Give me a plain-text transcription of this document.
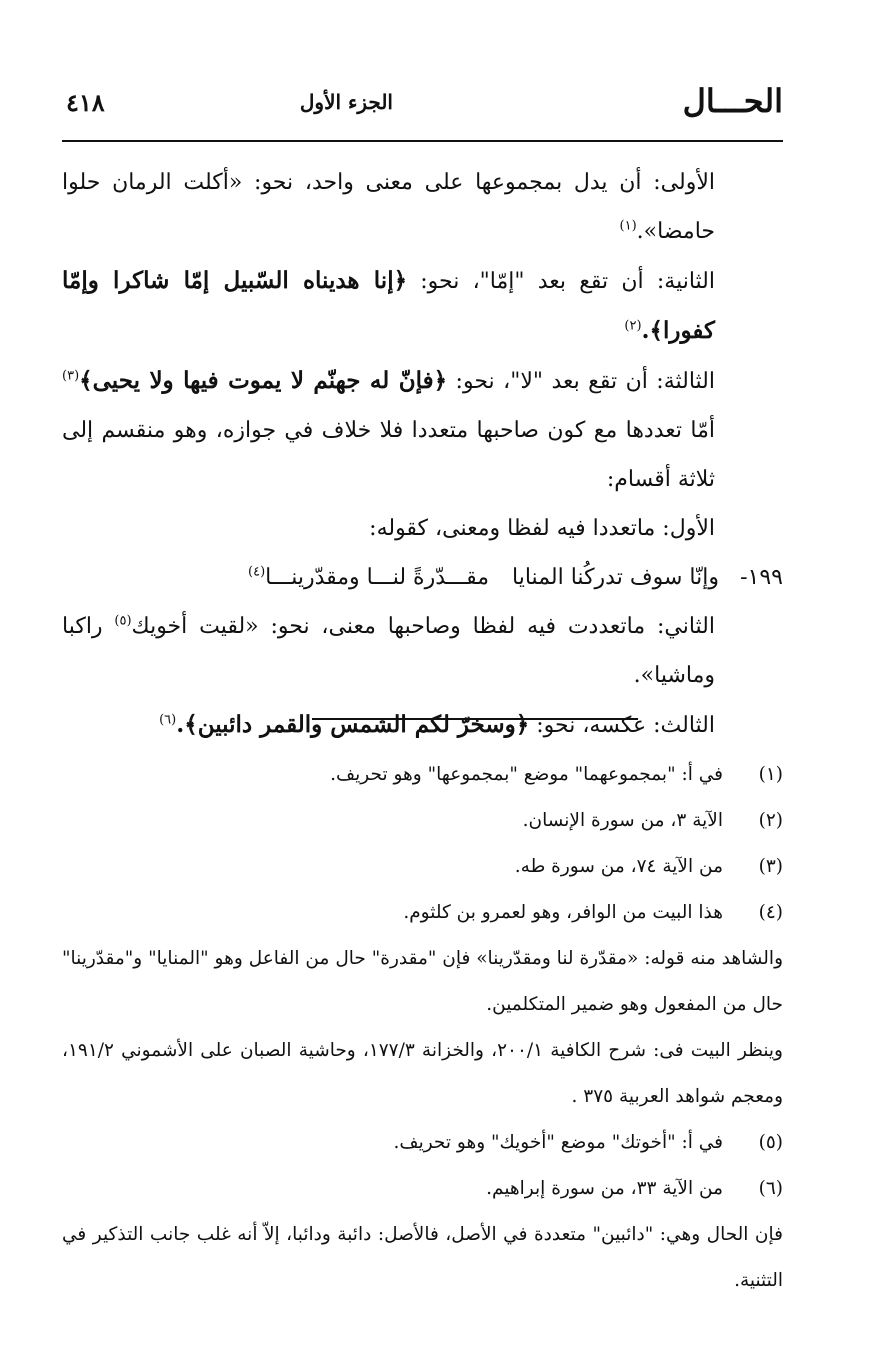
الحـــال
الجزء الأول
٤١٨

الأولى: أن يدل بمجموعها على معنى واحد، نحو: «أكلت الرمان حلوا حامضا».$^{(١)}$

الثانية: أن تقع بعد "إمّا"، نحو: ﴿إنا هديناه السّبيل إمّا شاكرا وإمّا كفورا﴾.$^{(٢)}$

الثالثة: أن تقع بعد "لا"، نحو: ﴿فإنّ له جهنّم لا يموت فيها ولا يحيى﴾$^{(٣)}$ أمّا تعددها مع كون صاحبها متعددا فلا خلاف في جوازه، وهو منقسم إلى ثلاثة أقسام:

الأول: ماتعددا فيه لفظا ومعنى، كقوله:

١٩٩-
وإنّا سوف تدركُنا المنايا
مقـــدّرةً لنـــا ومقدّرينـــا$^{(٤)}$

الثاني: ماتعددت فيه لفظا وصاحبها معنى، نحو: «لقيت أخويك$^{(٥)}$ راكبا وماشيا».

الثالث: عكسه، نحو: ﴿وسخرّ لكم الشمس والقمر دائبين﴾.$^{(٦)}$

(١)
في أ: "بمجموعهما" موضع "بمجموعها" وهو تحريف.
(٢)
الآية ٣، من سورة الإنسان.
(٣)
من الآية ٧٤، من سورة طه.
(٤)
هذا البيت من الوافر، وهو لعمرو بن كلثوم.

والشاهد منه قوله: «مقدّرة لنا ومقدّرينا» فإن "مقدرة" حال من الفاعل وهو "المنايا" و"مقدّرينا" حال من المفعول وهو ضمير المتكلمين.

وينظر البيت فى: شرح الكافية ٢٠٠/١، والخزانة ١٧٧/٣، وحاشية الصبان على الأشموني ١٩١/٢، ومعجم شواهد العربية ٣٧٥ .

(٥)
في أ: "أخوتك" موضع "أخويك" وهو تحريف.
(٦)
من الآية ٣٣، من سورة إبراهيم.

فإن الحال وهي: "دائبين" متعددة في الأصل، فالأصل: دائبة ودائبا، إلاّ أنه غلب جانب التذكير في التثنية.
